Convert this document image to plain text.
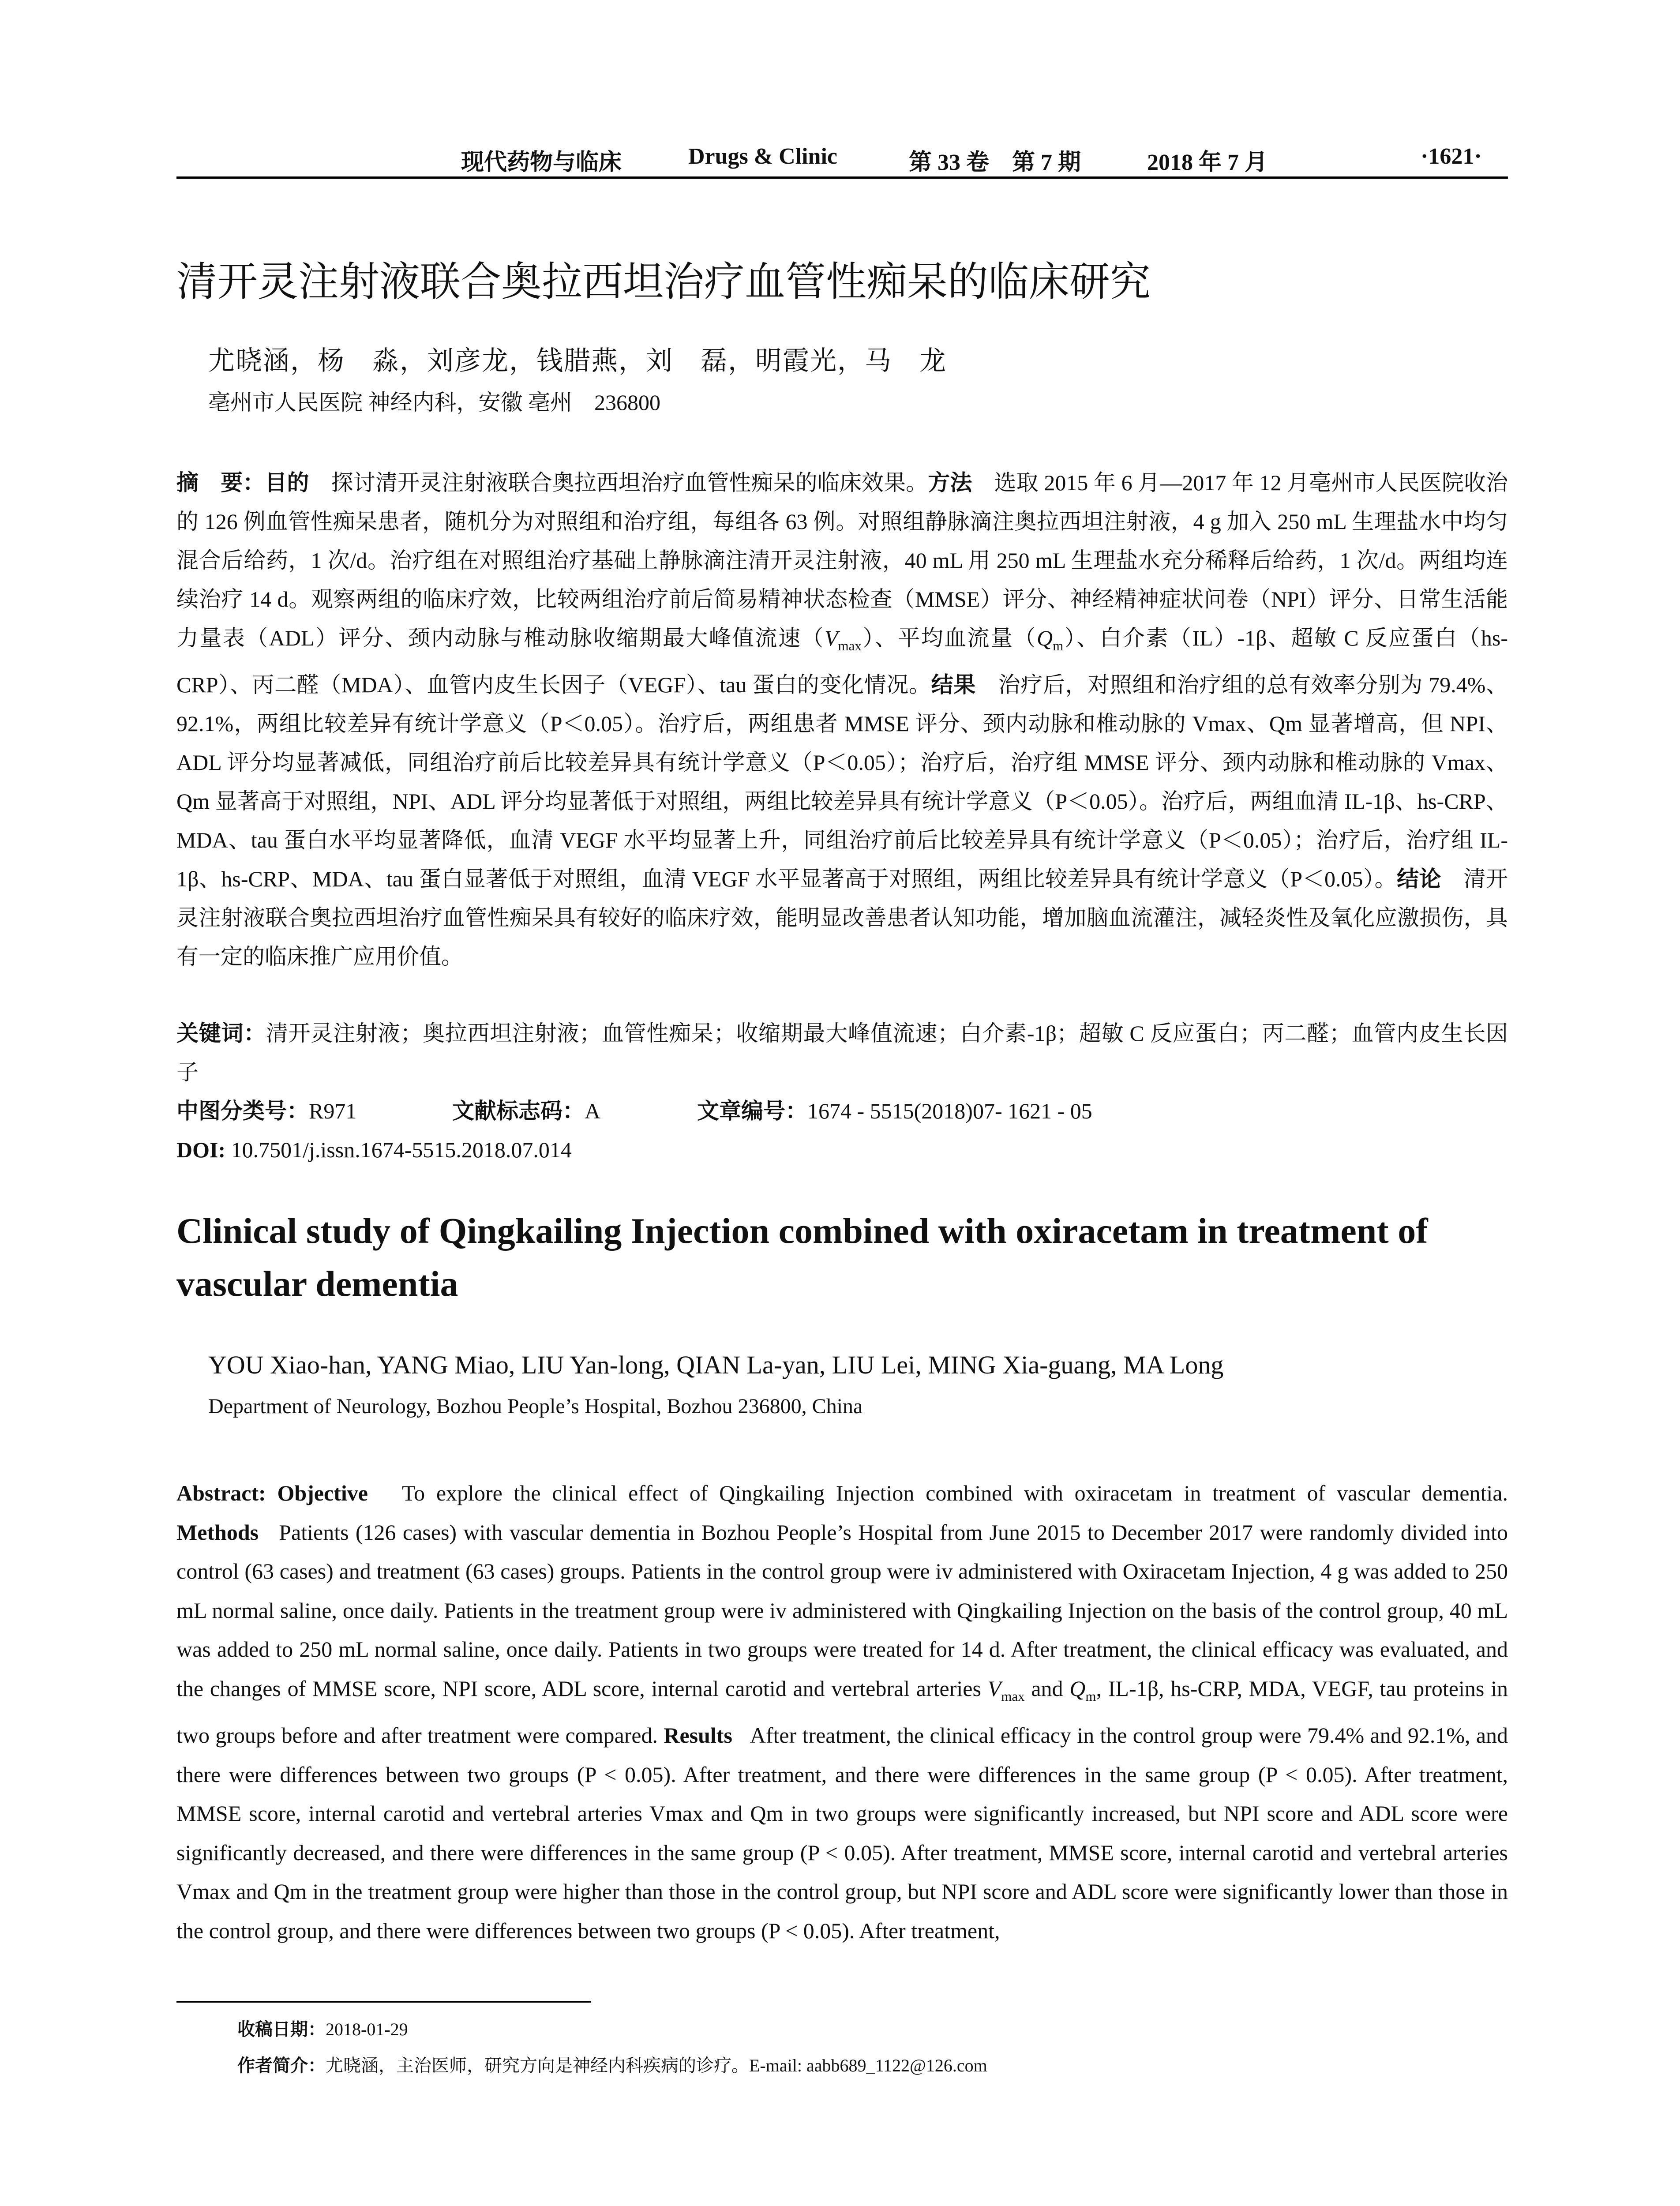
现代药物与临床	Drugs & Clinic	第 33 卷　第 7 期	2018 年 7 月	·1621·
清开灵注射液联合奥拉西坦治疗血管性痴呆的临床研究
尤晓涵，杨　淼，刘彦龙，钱腊燕，刘　磊，明霞光，马　龙
亳州市人民医院 神经内科，安徽 亳州　236800

摘　要：目的　 探讨清开灵注射液联合奥拉西坦治疗血管性痴呆的临床效果。方法　 选取 2015 年 6 月—2017 年 12 月亳州市人民医院收治的 126 例血管性痴呆患者，随机分为对照组和治疗组，每组各 63 例。对照组静脉滴注奥拉西坦注射液，4 g 加入 250 mL 生理盐水中均匀混合后给药，1 次/d。治疗组在对照组治疗基础上静脉滴注清开灵注射液，40 mL 用 250 mL 生理盐水充分稀释后给药，1 次/d。两组均连续治疗 14 d。观察两组的临床疗效，比较两组治疗前后简易精神状态检查（MMSE）评分、神经精神症状问卷（NPI）评分、日常生活能力量表（ADL）评分、颈内动脉与椎动脉收缩期最大峰值流速$(V_{max})$、平均血流量$(Q_m)$、白介素（IL）-1β、超敏 C 反应蛋白（hs-CRP）、丙二醛（MDA）、血管内皮生长因子（VEGF）、tau 蛋白的变化情况。结果　 治疗后，对照组和治疗组的总有效率分别为 79.4%、92.1%，两组比较差异有统计学意义（P＜0.05）。治疗后，两组患者 MMSE 评分、颈内动脉和椎动脉的 Vmax、Qm 显著增高，但 NPI、ADL 评分均显著减低，同组治疗前后比较差异具有统计学意义（P＜0.05）；治疗后，治疗组 MMSE 评分、颈内动脉和椎动脉的 Vmax、Qm 显著高于对照组，NPI、ADL 评分均显著低于对照组，两组比较差异具有统计学意义（P＜0.05）。治疗后，两组血清 IL-1β、hs-CRP、MDA、tau 蛋白水平均显著降低，血清 VEGF 水平均显著上升，同组治疗前后比较差异具有统计学意义（P＜0.05）；治疗后，治疗组 IL-1β、hs-CRP、MDA、tau 蛋白显著低于对照组，血清 VEGF 水平显著高于对照组，两组比较差异具有统计学意义（P＜0.05）。结论　 清开灵注射液联合奥拉西坦治疗血管性痴呆具有较好的临床疗效，能明显改善患者认知功能，增加脑血流灌注，减轻炎性及氧化应激损伤，具有一定的临床推广应用价值。

关键词：清开灵注射液；奥拉西坦注射液；血管性痴呆；收缩期最大峰值流速；白介素-1β；超敏 C 反应蛋白；丙二醛；血管内皮生长因子

中图分类号： R971	文献标志码： A	文章编号： 1674 - 5515(2018)07- 1621 - 05
DOI: 10.7501/j.issn.1674-5515.2018.07.014

Clinical study of Qingkailing Injection combined with oxiracetam in treatment of vascular dementia

YOU Xiao-han, YANG Miao, LIU Yan-long, QIAN La-yan, LIU Lei, MING Xia-guang, MA Long
Department of Neurology, Bozhou People’s Hospital, Bozhou 236800, China

Abstract: Objective To explore the clinical effect of Qingkailing Injection combined with oxiracetam in treatment of vascular dementia. Methods Patients (126 cases) with vascular dementia in Bozhou People’s Hospital from June 2015 to December 2017 were randomly divided into control (63 cases) and treatment (63 cases) groups. Patients in the control group were iv administered with Oxiracetam Injection, 4 g was added to 250 mL normal saline, once daily. Patients in the treatment group were iv administered with Qingkailing Injection on the basis of the control group, 40 mL was added to 250 mL normal saline, once daily. Patients in two groups were treated for 14 d. After treatment, the clinical efficacy was evaluated, and the changes of MMSE score, NPI score, ADL score, internal carotid and vertebral arteries $V_{max}$ and $Q_m$, IL-1β, hs-CRP, MDA, VEGF, tau proteins in two groups before and after treatment were compared. Results After treatment, the clinical efficacy in the control group were 79.4% and 92.1%, and there were differences between two groups (P < 0.05). After treatment, and there were differences in the same group (P < 0.05). After treatment, MMSE score, internal carotid and vertebral arteries Vmax and Qm in two groups were significantly increased, but NPI score and ADL score were significantly decreased, and there were differences in the same group (P < 0.05). After treatment, MMSE score, internal carotid and vertebral arteries Vmax and Qm in the treatment group were higher than those in the control group, but NPI score and ADL score were significantly lower than those in the control group, and there were differences between two groups (P < 0.05). After treatment,

收稿日期：2018-01-29
作者简介：尤晓涵，主治医师，研究方向是神经内科疾病的诊疗。E-mail: aabb689_1122@126.com
